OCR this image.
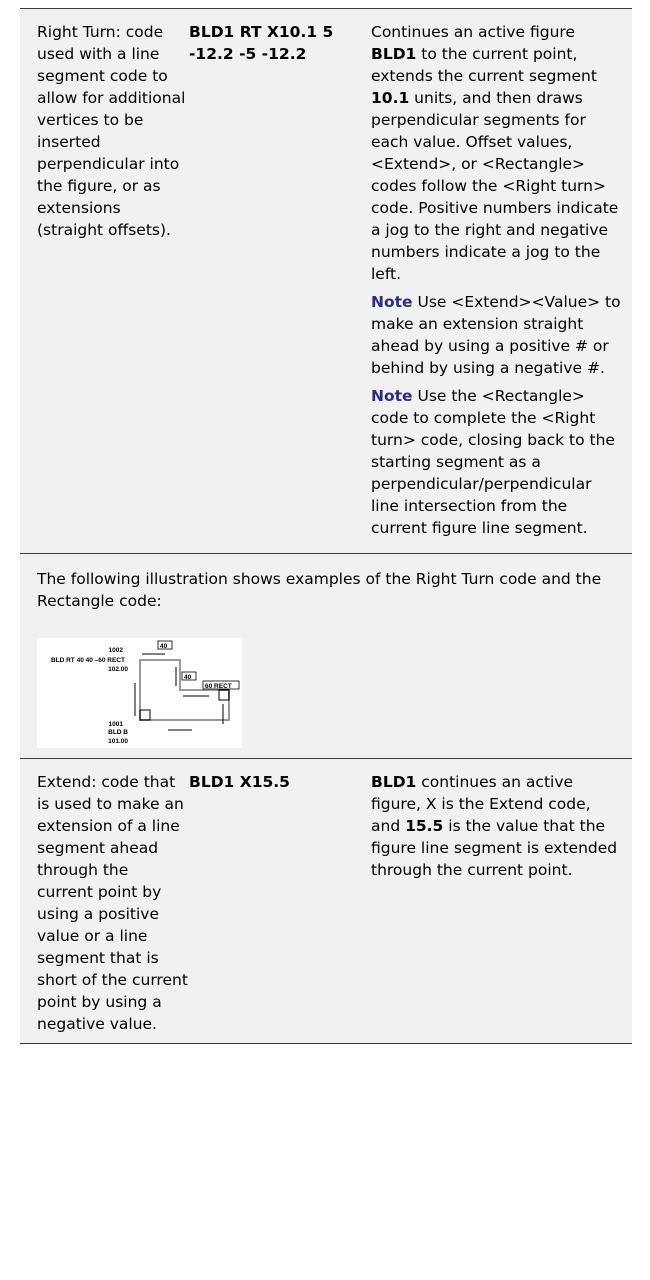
Right Turn: code used with a line segment code to allow for additional vertices to be inserted perpendicular into the figure, or as extensions (straight offsets).
BLD1 RT X10.1 5 -12.2 -5 -12.2

Continues an active figure BLD1 to the current point, extends the current segment 10.1 units, and then draws perpendicular segments for each value. Offset values, <Extend>, or <Rectangle> codes follow the <Right turn> code. Positive numbers indicate a jog to the right and negative numbers indicate a jog to the left.

Note Use <Extend><Value> to make an extension straight ahead by using a positive # or behind by using a negative #.

Note Use the <Rectangle> code to complete the <Right turn> code, closing back to the starting segment as a perpendicular/perpendicular line intersection from the current figure line segment.

The following illustration shows examples of the Right Turn code and the Rectangle code:
1002
BLD RT 40 40 –60 RECT
102.00
1001
BLD B
101.00
40
40
60 RECT
Extend: code that is used to make an extension of a line segment ahead through the current point by using a positive value or a line segment that is short of the current point by using a negative value.
BLD1 X15.5	BLD1 continues an active figure, X is the Extend code, and 15.5 is the value that the figure line segment is extended through the current point.
